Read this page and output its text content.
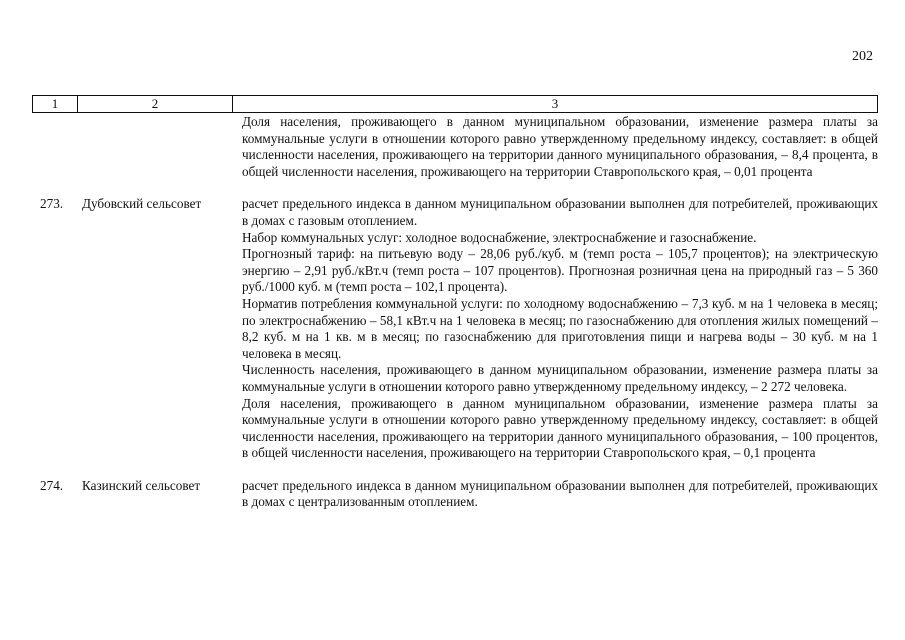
202
1	2	3

Доля населения, проживающего в данном муниципальном образовании, изменение размера платы за коммунальные услуги в отношении которого равно утвержденному предельному индексу, составляет: в общей численности населения, проживающего на территории данного муниципального образования, – 8,4 процента, в общей численности населения, проживающего на территории Ставропольского края, – 0,01 процента

273.	Дубовский сельсовет	расчет предельного индекса в данном муниципальном образовании выполнен для потребителей, проживающих в домах с газовым отоплением.

Набор коммунальных услуг: холодное водоснабжение, электроснабжение и газоснабжение.

Прогнозный тариф: на питьевую воду – 28,06 руб./куб. м (темп роста – 105,7 процентов); на электрическую энергию – 2,91 руб./кВт.ч (темп роста – 107 процентов). Прогнозная розничная цена на природный газ – 5 360 руб./1000 куб. м (темп роста – 102,1 процента).

Норматив потребления коммунальной услуги: по холодному водоснабжению – 7,3 куб. м на 1 человека в месяц; по электроснабжению – 58,1 кВт.ч на 1 человека в месяц; по газоснабжению для отопления жилых помещений – 8,2 куб. м на 1 кв. м в месяц; по газоснабжению для приготовления пищи и нагрева воды – 30 куб. м на 1 человека в месяц.

Численность населения, проживающего в данном муниципальном образовании, изменение размера платы за коммунальные услуги в отношении которого равно утвержденному предельному индексу, – 2 272 человека.

Доля населения, проживающего в данном муниципальном образовании, изменение размера платы за коммунальные услуги в отношении которого равно утвержденному предельному индексу, составляет: в общей численности населения, проживающего на территории данного муниципального образования, – 100 процентов, в общей численности населения, проживающего на территории Ставропольского края, – 0,1 процента

274.	Казинский сельсовет	расчет предельного индекса в данном муниципальном образовании выполнен для потребителей, проживающих в домах с централизованным отоплением.
